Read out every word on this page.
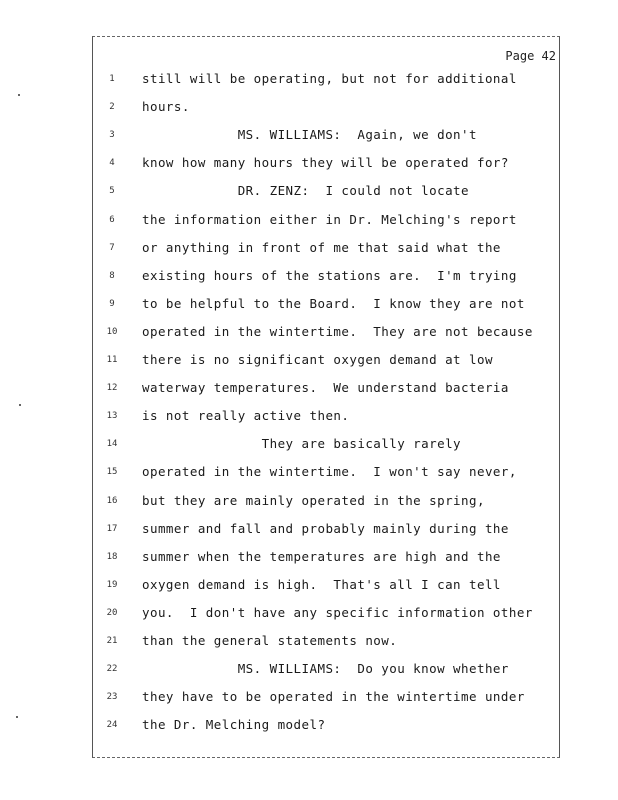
Page 42
1	still will be operating, but not for additional
2	hours.
3	MS. WILLIAMS:  Again, we don't
4	know how many hours they will be operated for?
5	DR. ZENZ:  I could not locate
6	the information either in Dr. Melching's report
7	or anything in front of me that said what the
8	existing hours of the stations are.  I'm trying
9	to be helpful to the Board.  I know they are not
10	operated in the wintertime.  They are not because
11	there is no significant oxygen demand at low
12	waterway temperatures.  We understand bacteria
13	is not really active then.
14	They are basically rarely
15	operated in the wintertime.  I won't say never,
16	but they are mainly operated in the spring,
17	summer and fall and probably mainly during the
18	summer when the temperatures are high and the
19	oxygen demand is high.  That's all I can tell
20	you.  I don't have any specific information other
21	than the general statements now.
22	MS. WILLIAMS:  Do you know whether
23	they have to be operated in the wintertime under
24	the Dr. Melching model?
